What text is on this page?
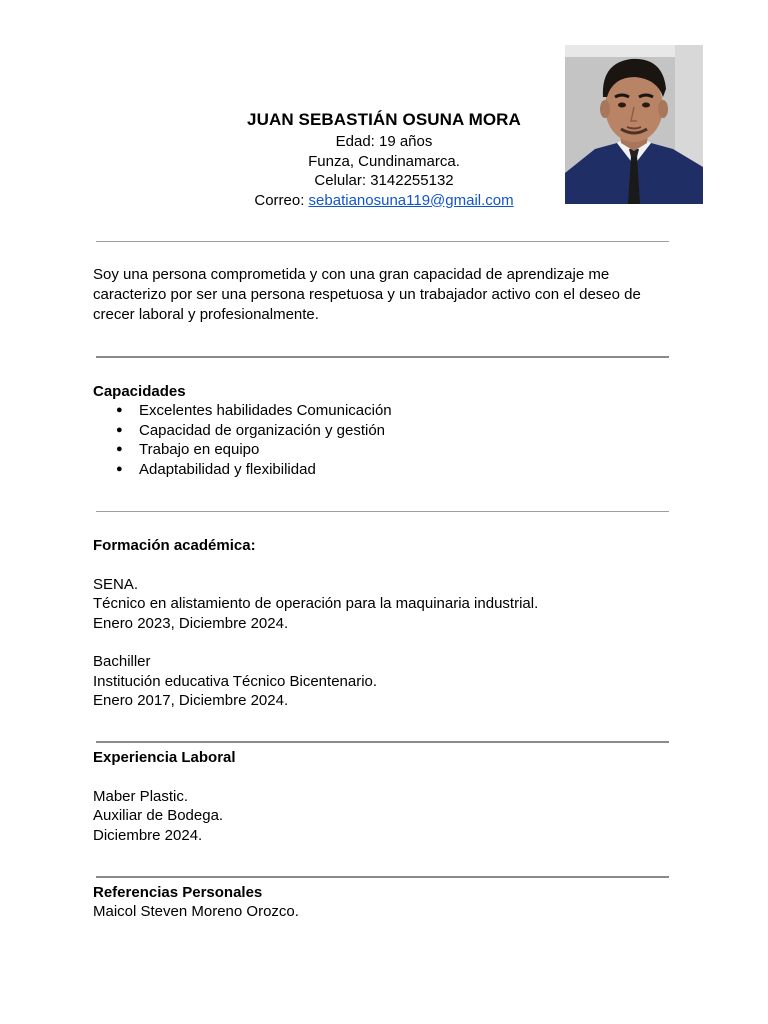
JUAN SEBASTIÁN OSUNA MORA
Edad: 19 años
Funza, Cundinamarca.
Celular: 3142255132
Correo: sebatianosuna119@gmail.com
Soy una persona comprometida y con una gran capacidad de aprendizaje me caracterizo por ser una persona respetuosa y un trabajador activo con el deseo de crecer laboral y profesionalmente.
Capacidades
● Excelentes habilidades Comunicación
● Capacidad de organización y gestión
● Trabajo en equipo
● Adaptabilidad y flexibilidad
Formación académica:
SENA.
Técnico en alistamiento de operación para la maquinaria industrial.
Enero 2023, Diciembre 2024.
Bachiller
Institución educativa Técnico Bicentenario.
Enero 2017, Diciembre 2024.
Experiencia Laboral
Maber Plastic.
Auxiliar de Bodega.
Diciembre 2024.
Referencias Personales
Maicol Steven Moreno Orozco.
